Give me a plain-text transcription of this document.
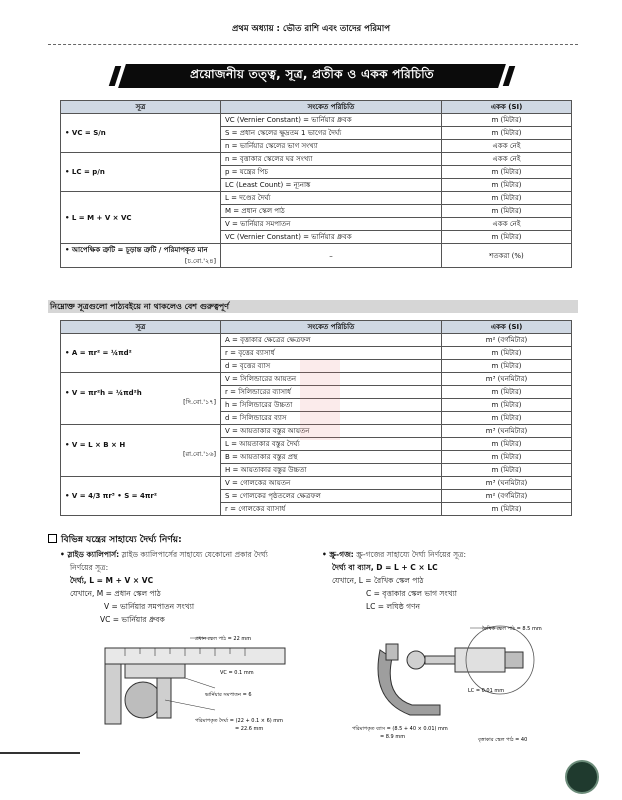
প্রথম অধ্যায় : ভৌত রাশি এবং তাদের পরিমাপ
প্রয়োজনীয় তত্ত্ব, সূত্র, প্রতীক ও একক পরিচিতি
সূত্র	সংকেত পরিচিতি	একক (SI)

• VC = S/n	VC (Vernier Constant) = ভার্নিয়ার ধ্রুবক	m (মিটার)
	S = প্রধান স্কেলের ক্ষুদ্রতম 1 ভাগের দৈর্ঘ্য	m (মিটার)
	n = ভার্নিয়ার স্কেলের ভাগ সংখ্যা	একক নেই

• LC = p/n	n = বৃত্তাকার স্কেলের ঘর সংখ্যা	একক নেই
	p = যন্ত্রের পিচ	m (মিটার)
	LC (Least Count) = ন্যূনাঙ্ক	m (মিটার)

• L = M + V × VC	L = দণ্ডের দৈর্ঘ্য	m (মিটার)
	M = প্রধান স্কেল পাঠ	m (মিটার)
	V = ভার্নিয়ার সমপাতন	একক নেই
	VC (Vernier Constant) = ভার্নিয়ার ধ্রুবক	m (মিটার)

• আপেক্ষিক ত্রুটি = চূড়ান্ত ত্রুটি / পরিমাপকৃত মান
[চ.বো.'২৪]	–	শতকরা (%)
নিম্নোক্ত সূত্রগুলো পাঠ্যবইয়ে না থাকলেও বেশ গুরুত্বপূর্ণ
সূত্র	সংকেত পরিচিতি	একক (SI)

• A = πr² = ¼πd²	A = বৃত্তাকার ক্ষেত্রের ক্ষেত্রফল	m² (বর্গমিটার)
	r = বৃত্তের ব্যাসার্ধ	m (মিটার)
	d = বৃত্তের ব্যাস	m (মিটার)

• V = πr²h = ¼πd²h
[দি.বো.'১৭]	V = সিলিন্ডারের আয়তন	m³ (ঘনমিটার)
	r = সিলিন্ডারের ব্যাসার্ধ	m (মিটার)
	h = সিলিন্ডারের উচ্চতা	m (মিটার)
	d = সিলিন্ডারের ব্যাস	m (মিটার)

• V = L × B × H
[রা.বো.'১৬]	V = আয়তাকার বস্তুর আয়তন	m³ (ঘনমিটার)
	L = আয়তাকার বস্তুর দৈর্ঘ্য	m (মিটার)
	B = আয়তাকার বস্তুর প্রস্থ	m (মিটার)
	H = আয়তাকার বস্তুর উচ্চতা	m (মিটার)

• V = 4/3 πr³ • S = 4πr²	V = গোলকের আয়তন	m³ (ঘনমিটার)
	S = গোলকের পৃষ্ঠতলের ক্ষেত্রফল	m² (বর্গমিটার)
	r = গোলকের ব্যাসার্ধ	m (মিটার)
বিভিন্ন যন্ত্রের সাহায্যে দৈর্ঘ্য নির্ণয়:
• স্লাইড ক্যালিপার্স: স্লাইড ক্যালিপার্সের সাহায্যে যেকোনো প্রকার দৈর্ঘ্য
নির্ণয়ের সূত্র:
দৈর্ঘ্য, L = M + V × VC
যেখানে, M = প্রধান স্কেল পাঠ
V = ভার্নিয়ার সমপাতন সংখ্যা
VC = ভার্নিয়ার ধ্রুবক
প্রধান স্কেল পাঠ = 22 mm
VC = 0.1 mm
ভার্নিয়ার সমপাতন = 6
পরিমাপকৃত দৈর্ঘ্য = (22 + 0.1 × 6) mm
= 22.6 mm
• স্ক্রু-গজ: স্ক্রু-গজের সাহায্যে দৈর্ঘ্য নির্ণয়ের সূত্র:
দৈর্ঘ্য বা ব্যাস, D = L + C × LC
যেখানে, L = রৈখিক স্কেল পাঠ
C = বৃত্তাকার স্কেল ভাগ সংখ্যা
LC = লঘিষ্ঠ গণন
রৈখিক স্কেল পাঠ = 8.5 mm
LC = 0.01 mm
পরিমাপকৃত ব্যাস = (8.5 + 40 × 0.01) mm
= 8.9 mm	বৃত্তাকার স্কেল পাঠ = 40
